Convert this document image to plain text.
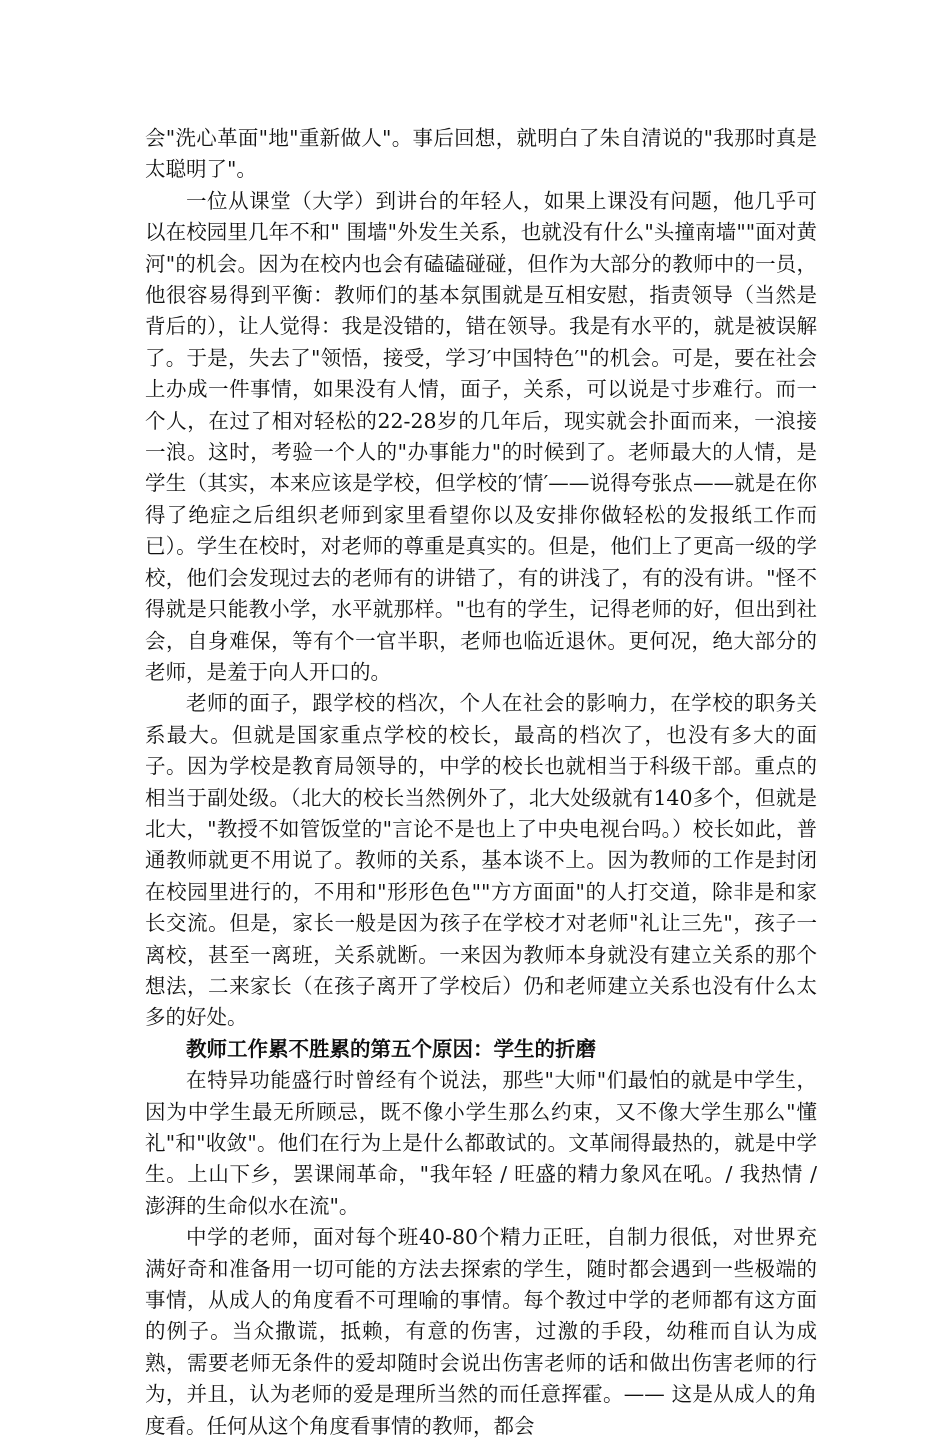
会"洗心革面"地"重新做人"。事后回想，就明白了朱自清说的"我那时真是太聪明了"。

一位从课堂（大学）到讲台的年轻人，如果上课没有问题，他几乎可以在校园里几年不和" 围墙"外发生关系，也就没有什么"头撞南墙""面对黄河"的机会。因为在校内也会有磕磕碰碰，但作为大部分的教师中的一员，他很容易得到平衡：教师们的基本氛围就是互相安慰，指责领导（当然是背后的），让人觉得：我是没错的，错在领导。我是有水平的，就是被误解了。于是，失去了"领悟，接受，学习′中国特色′"的机会。可是，要在社会上办成一件事情，如果没有人情，面子，关系，可以说是寸步难行。而一个人，在过了相对轻松的22-28岁的几年后，现实就会扑面而来，一浪接一浪。这时，考验一个人的"办事能力"的时候到了。老师最大的人情，是学生（其实，本来应该是学校，但学校的′情′——说得夸张点——就是在你得了绝症之后组织老师到家里看望你以及安排你做轻松的发报纸工作而已）。学生在校时，对老师的尊重是真实的。但是，他们上了更高一级的学校，他们会发现过去的老师有的讲错了，有的讲浅了，有的没有讲。"怪不得就是只能教小学，水平就那样。"也有的学生，记得老师的好，但出到社会，自身难保，等有个一官半职，老师也临近退休。更何况，绝大部分的老师，是羞于向人开口的。

老师的面子，跟学校的档次，个人在社会的影响力，在学校的职务关系最大。但就是国家重点学校的校长，最高的档次了，也没有多大的面子。因为学校是教育局领导的，中学的校长也就相当于科级干部。重点的相当于副处级。（北大的校长当然例外了，北大处级就有140多个，但就是北大，"教授不如管饭堂的"言论不是也上了中央电视台吗。）校长如此，普通教师就更不用说了。教师的关系，基本谈不上。因为教师的工作是封闭在校园里进行的，不用和"形形色色""方方面面"的人打交道，除非是和家长交流。但是，家长一般是因为孩子在学校才对老师"礼让三先"，孩子一离校，甚至一离班，关系就断。一来因为教师本身就没有建立关系的那个想法，二来家长（在孩子离开了学校后）仍和老师建立关系也没有什么太多的好处。

教师工作累不胜累的第五个原因：学生的折磨

在特异功能盛行时曾经有个说法，那些"大师"们最怕的就是中学生，因为中学生最无所顾忌，既不像小学生那么约束，又不像大学生那么"懂礼"和"收敛"。他们在行为上是什么都敢试的。文革闹得最热的，就是中学生。上山下乡，罢课闹革命，"我年轻 / 旺盛的精力象风在吼。/ 我热情 / 澎湃的生命似水在流"。

中学的老师，面对每个班40-80个精力正旺，自制力很低，对世界充满好奇和准备用一切可能的方法去探索的学生，随时都会遇到一些极端的事情，从成人的角度看不可理喻的事情。每个教过中学的老师都有这方面的例子。当众撒谎，抵赖，有意的伤害，过激的手段，幼稚而自认为成熟，需要老师无条件的爱却随时会说出伤害老师的话和做出伤害老师的行为，并且，认为老师的爱是理所当然的而任意挥霍。—— 这是从成人的角度看。任何从这个角度看事情的教师，都会
